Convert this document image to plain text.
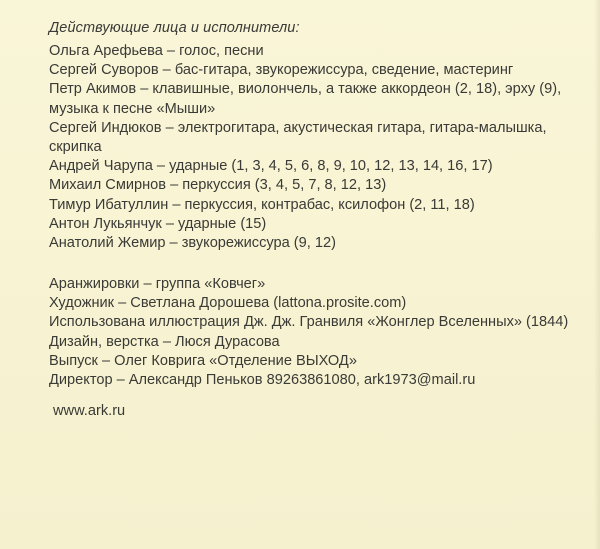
Действующие лица и исполнители:
Ольга Арефьева – голос, песни
Сергей Суворов – бас-гитара, звукорежиссура, сведение, мастеринг
Петр Акимов – клавишные, виолончель, а также аккордеон (2, 18), эрху (9),
музыка к песне «Мыши»
Сергей Индюков – электрогитара, акустическая гитара, гитара-малышка,
скрипка
Андрей Чарупа – ударные (1, 3, 4, 5, 6, 8, 9, 10, 12, 13, 14, 16, 17)
Михаил Смирнов – перкуссия (3, 4, 5, 7, 8, 12, 13)
Тимур Ибатуллин – перкуссия, контрабас, ксилофон (2, 11, 18)
Антон Лукьянчук – ударные (15)
Анатолий Жемир – звукорежиссура (9, 12)
Аранжировки – группа «Ковчег»
Художник – Светлана Дорошева (lattona.prosite.com)
Использована иллюстрация Дж. Дж. Гранвиля «Жонглер Вселенных» (1844)
Дизайн, верстка – Люся Дурасова
Выпуск – Олег Коврига «Отделение ВЫХОД»
Директор – Александр Пеньков 89263861080, ark1973@mail.ru
www.ark.ru
